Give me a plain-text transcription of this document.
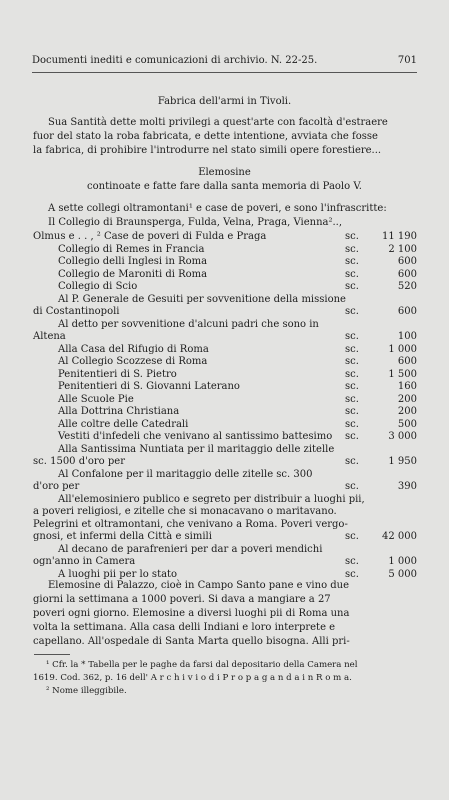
Documenti inediti e comunicazioni di archivio. N. 22-25.	701
Fabrica dell'armi in Tivoli.
Sua Santità dette molti privilegi a quest'arte con facoltà d'estraere
fuor del stato la roba fabricata, e dette intentione, avviata che fosse
la fabrica, di prohibire l'introdurre nel stato simili opere forestiere...
Elemosine
continoate e fatte fare dalla santa memoria di Paolo V.
A sette collegi oltramontani¹ e case de poveri, e sono l'infrascritte:
Il Collegio di Braunsperga, Fulda, Velna, Praga, Vienna²..,
Olmus e . . , ² Case de poveri di Fulda e Praga	sc. 11 190
Collegio di Remes in Francia	sc.	2 100
Collegio delli Inglesi in Roma	sc.	600
Collegio de Maroniti di Roma	sc.	600
Collegio di Scio	sc.	520
Al P. Generale de Gesuiti per sovvenitione della missione
di Costantinopoli	sc.	600
Al detto per sovvenitione d'alcuni padri che sono in
Altena	sc.	100
Alla Casa del Rifugio di Roma	sc.	1 000
Al Collegio Scozzese di Roma	sc.	600
Penitentieri di S. Pietro	sc.	1 500
Penitentieri di S. Giovanni Laterano	sc.	160
Alle Scuole Pie	sc.	200
Alla Dottrina Christiana	sc.	200
Alle coltre delle Catedrali	sc.	500
Vestiti d'infedeli che venivano al santissimo battesimo sc.	3 000
Alla Santissima Nuntiata per il maritaggio delle zitelle
sc. 1500 d'oro per	sc.	1 950
Al Confalone per il maritaggio delle zitelle sc. 300
d'oro per	sc.	390
All'elemosiniero publico e segreto per distribuir a luoghi pii,
a poveri religiosi, e zitelle che si monacavano o maritavano.
Pelegrini et oltramontani, che venivano a Roma. Poveri vergo-
gnosi, et infermi della Città e simili	sc. 42 000
Al decano de parafrenieri per dar a poveri mendichi
ogn'anno in Camera	sc.	1 000
A luoghi pii per lo stato	sc.	5 000
Elemosine di Palazzo, cioè in Campo Santo pane e vino due
giorni la settimana a 1000 poveri. Si dava a mangiare a 27
poveri ogni giorno. Elemosine a diversi luoghi pii di Roma una
volta la settimana. Alla casa delli Indiani e loro interprete e
capellano. All'ospedale di Santa Marta quello bisogna. Alli pri-
¹ Cfr. la * Tabella per le paghe da farsi dal depositario della Camera nel
1619. Cod. 362, p. 16 dell' A r c h i v i o d i P r o p a g a n d a i n R o m a.
² Nome illeggibile.
